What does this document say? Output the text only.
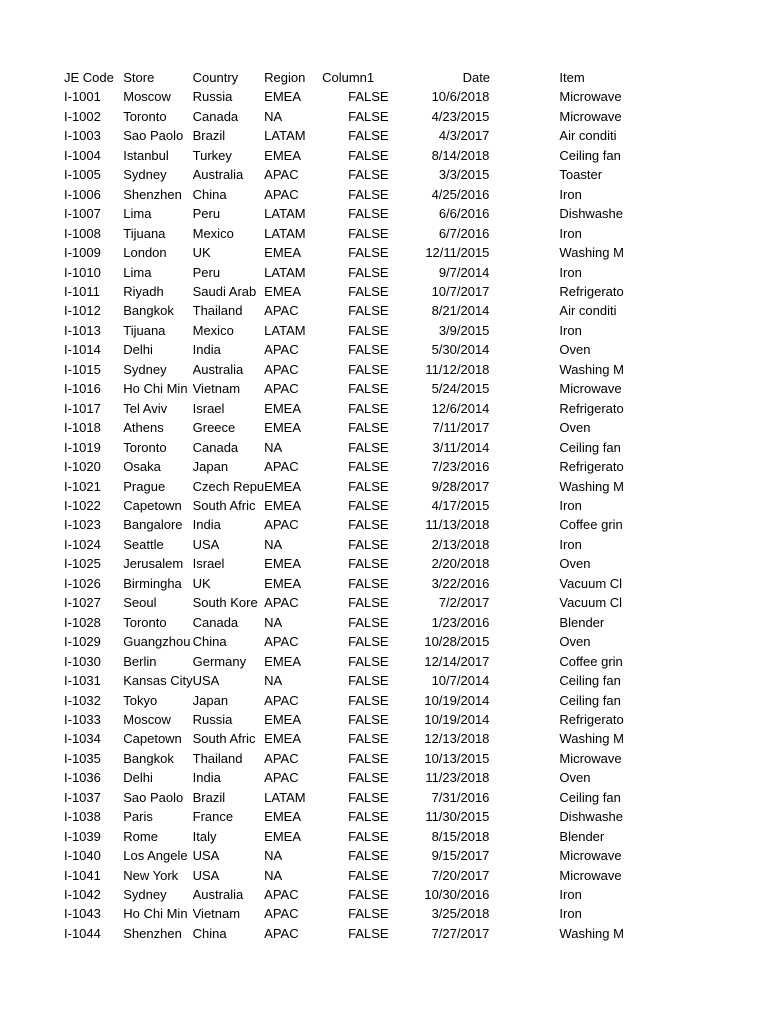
JE Code	Store	Country	Region	Column1	Date	Item
I-1001	Moscow	Russia	EMEA	FALSE	10/6/2018	Microwave
I-1002	Toronto	Canada	NA	FALSE	4/23/2015	Microwave
I-1003	Sao Paolo	Brazil	LATAM	FALSE	4/3/2017	Air conditi
I-1004	Istanbul	Turkey	EMEA	FALSE	8/14/2018	Ceiling fan
I-1005	Sydney	Australia	APAC	FALSE	3/3/2015	Toaster
I-1006	Shenzhen	China	APAC	FALSE	4/25/2016	Iron
I-1007	Lima	Peru	LATAM	FALSE	6/6/2016	Dishwashe
I-1008	Tijuana	Mexico	LATAM	FALSE	6/7/2016	Iron
I-1009	London	UK	EMEA	FALSE	12/11/2015	Washing M
I-1010	Lima	Peru	LATAM	FALSE	9/7/2014	Iron
I-1011	Riyadh	Saudi Arab	EMEA	FALSE	10/7/2017	Refrigerato
I-1012	Bangkok	Thailand	APAC	FALSE	8/21/2014	Air conditi
I-1013	Tijuana	Mexico	LATAM	FALSE	3/9/2015	Iron
I-1014	Delhi	India	APAC	FALSE	5/30/2014	Oven
I-1015	Sydney	Australia	APAC	FALSE	11/12/2018	Washing M
I-1016	Ho Chi Min	Vietnam	APAC	FALSE	5/24/2015	Microwave
I-1017	Tel Aviv	Israel	EMEA	FALSE	12/6/2014	Refrigerato
I-1018	Athens	Greece	EMEA	FALSE	7/11/2017	Oven
I-1019	Toronto	Canada	NA	FALSE	3/11/2014	Ceiling fan
I-1020	Osaka	Japan	APAC	FALSE	7/23/2016	Refrigerato
I-1021	Prague	Czech Repu	EMEA	FALSE	9/28/2017	Washing M
I-1022	Capetown	South Afric	EMEA	FALSE	4/17/2015	Iron
I-1023	Bangalore	India	APAC	FALSE	11/13/2018	Coffee grin
I-1024	Seattle	USA	NA	FALSE	2/13/2018	Iron
I-1025	Jerusalem	Israel	EMEA	FALSE	2/20/2018	Oven
I-1026	Birmingha	UK	EMEA	FALSE	3/22/2016	Vacuum Cl
I-1027	Seoul	South Kore	APAC	FALSE	7/2/2017	Vacuum Cl
I-1028	Toronto	Canada	NA	FALSE	1/23/2016	Blender
I-1029	Guangzhou	China	APAC	FALSE	10/28/2015	Oven
I-1030	Berlin	Germany	EMEA	FALSE	12/14/2017	Coffee grin
I-1031	Kansas City	USA	NA	FALSE	10/7/2014	Ceiling fan
I-1032	Tokyo	Japan	APAC	FALSE	10/19/2014	Ceiling fan
I-1033	Moscow	Russia	EMEA	FALSE	10/19/2014	Refrigerato
I-1034	Capetown	South Afric	EMEA	FALSE	12/13/2018	Washing M
I-1035	Bangkok	Thailand	APAC	FALSE	10/13/2015	Microwave
I-1036	Delhi	India	APAC	FALSE	11/23/2018	Oven
I-1037	Sao Paolo	Brazil	LATAM	FALSE	7/31/2016	Ceiling fan
I-1038	Paris	France	EMEA	FALSE	11/30/2015	Dishwashe
I-1039	Rome	Italy	EMEA	FALSE	8/15/2018	Blender
I-1040	Los Angele	USA	NA	FALSE	9/15/2017	Microwave
I-1041	New York	USA	NA	FALSE	7/20/2017	Microwave
I-1042	Sydney	Australia	APAC	FALSE	10/30/2016	Iron
I-1043	Ho Chi Min	Vietnam	APAC	FALSE	3/25/2018	Iron
I-1044	Shenzhen	China	APAC	FALSE	7/27/2017	Washing M
